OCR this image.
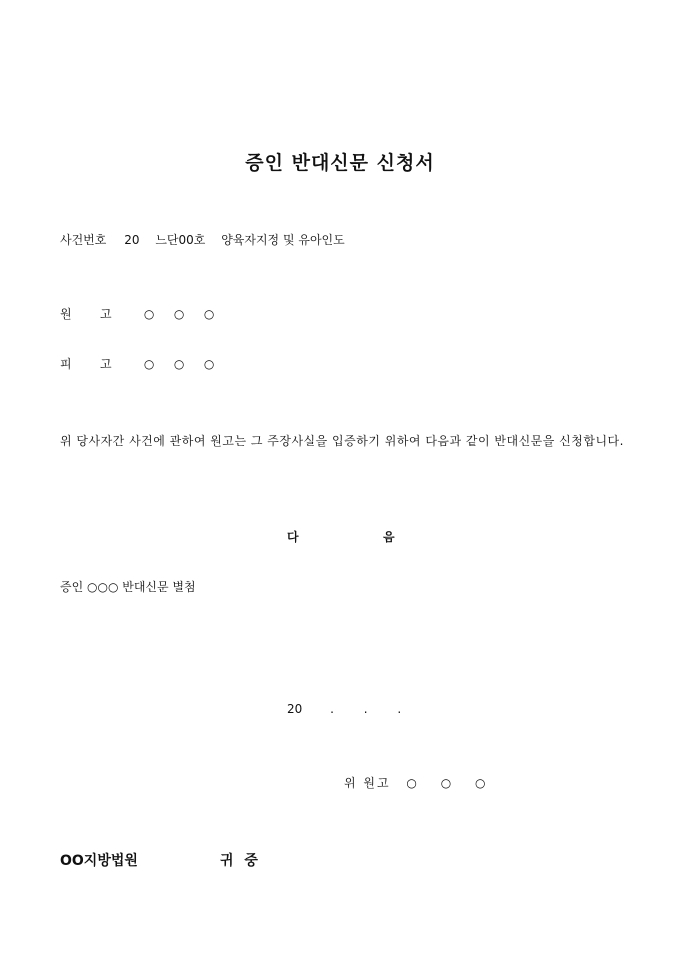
증인 반대신문 신청서
사건번호 20 느단00호 양육자지정 및 유아인도
원 고	○ ○ ○
피 고	○ ○ ○
위 당사자간 사건에 관하여 원고는 그 주장사실을 입증하기 위하여 다음과 같이 반대신문을 신청합니다.
다	음
증인 ○○○ 반대신문 별첨
20 . . .
위 원고 ○ ○ ○
OO지방법원	귀 중
